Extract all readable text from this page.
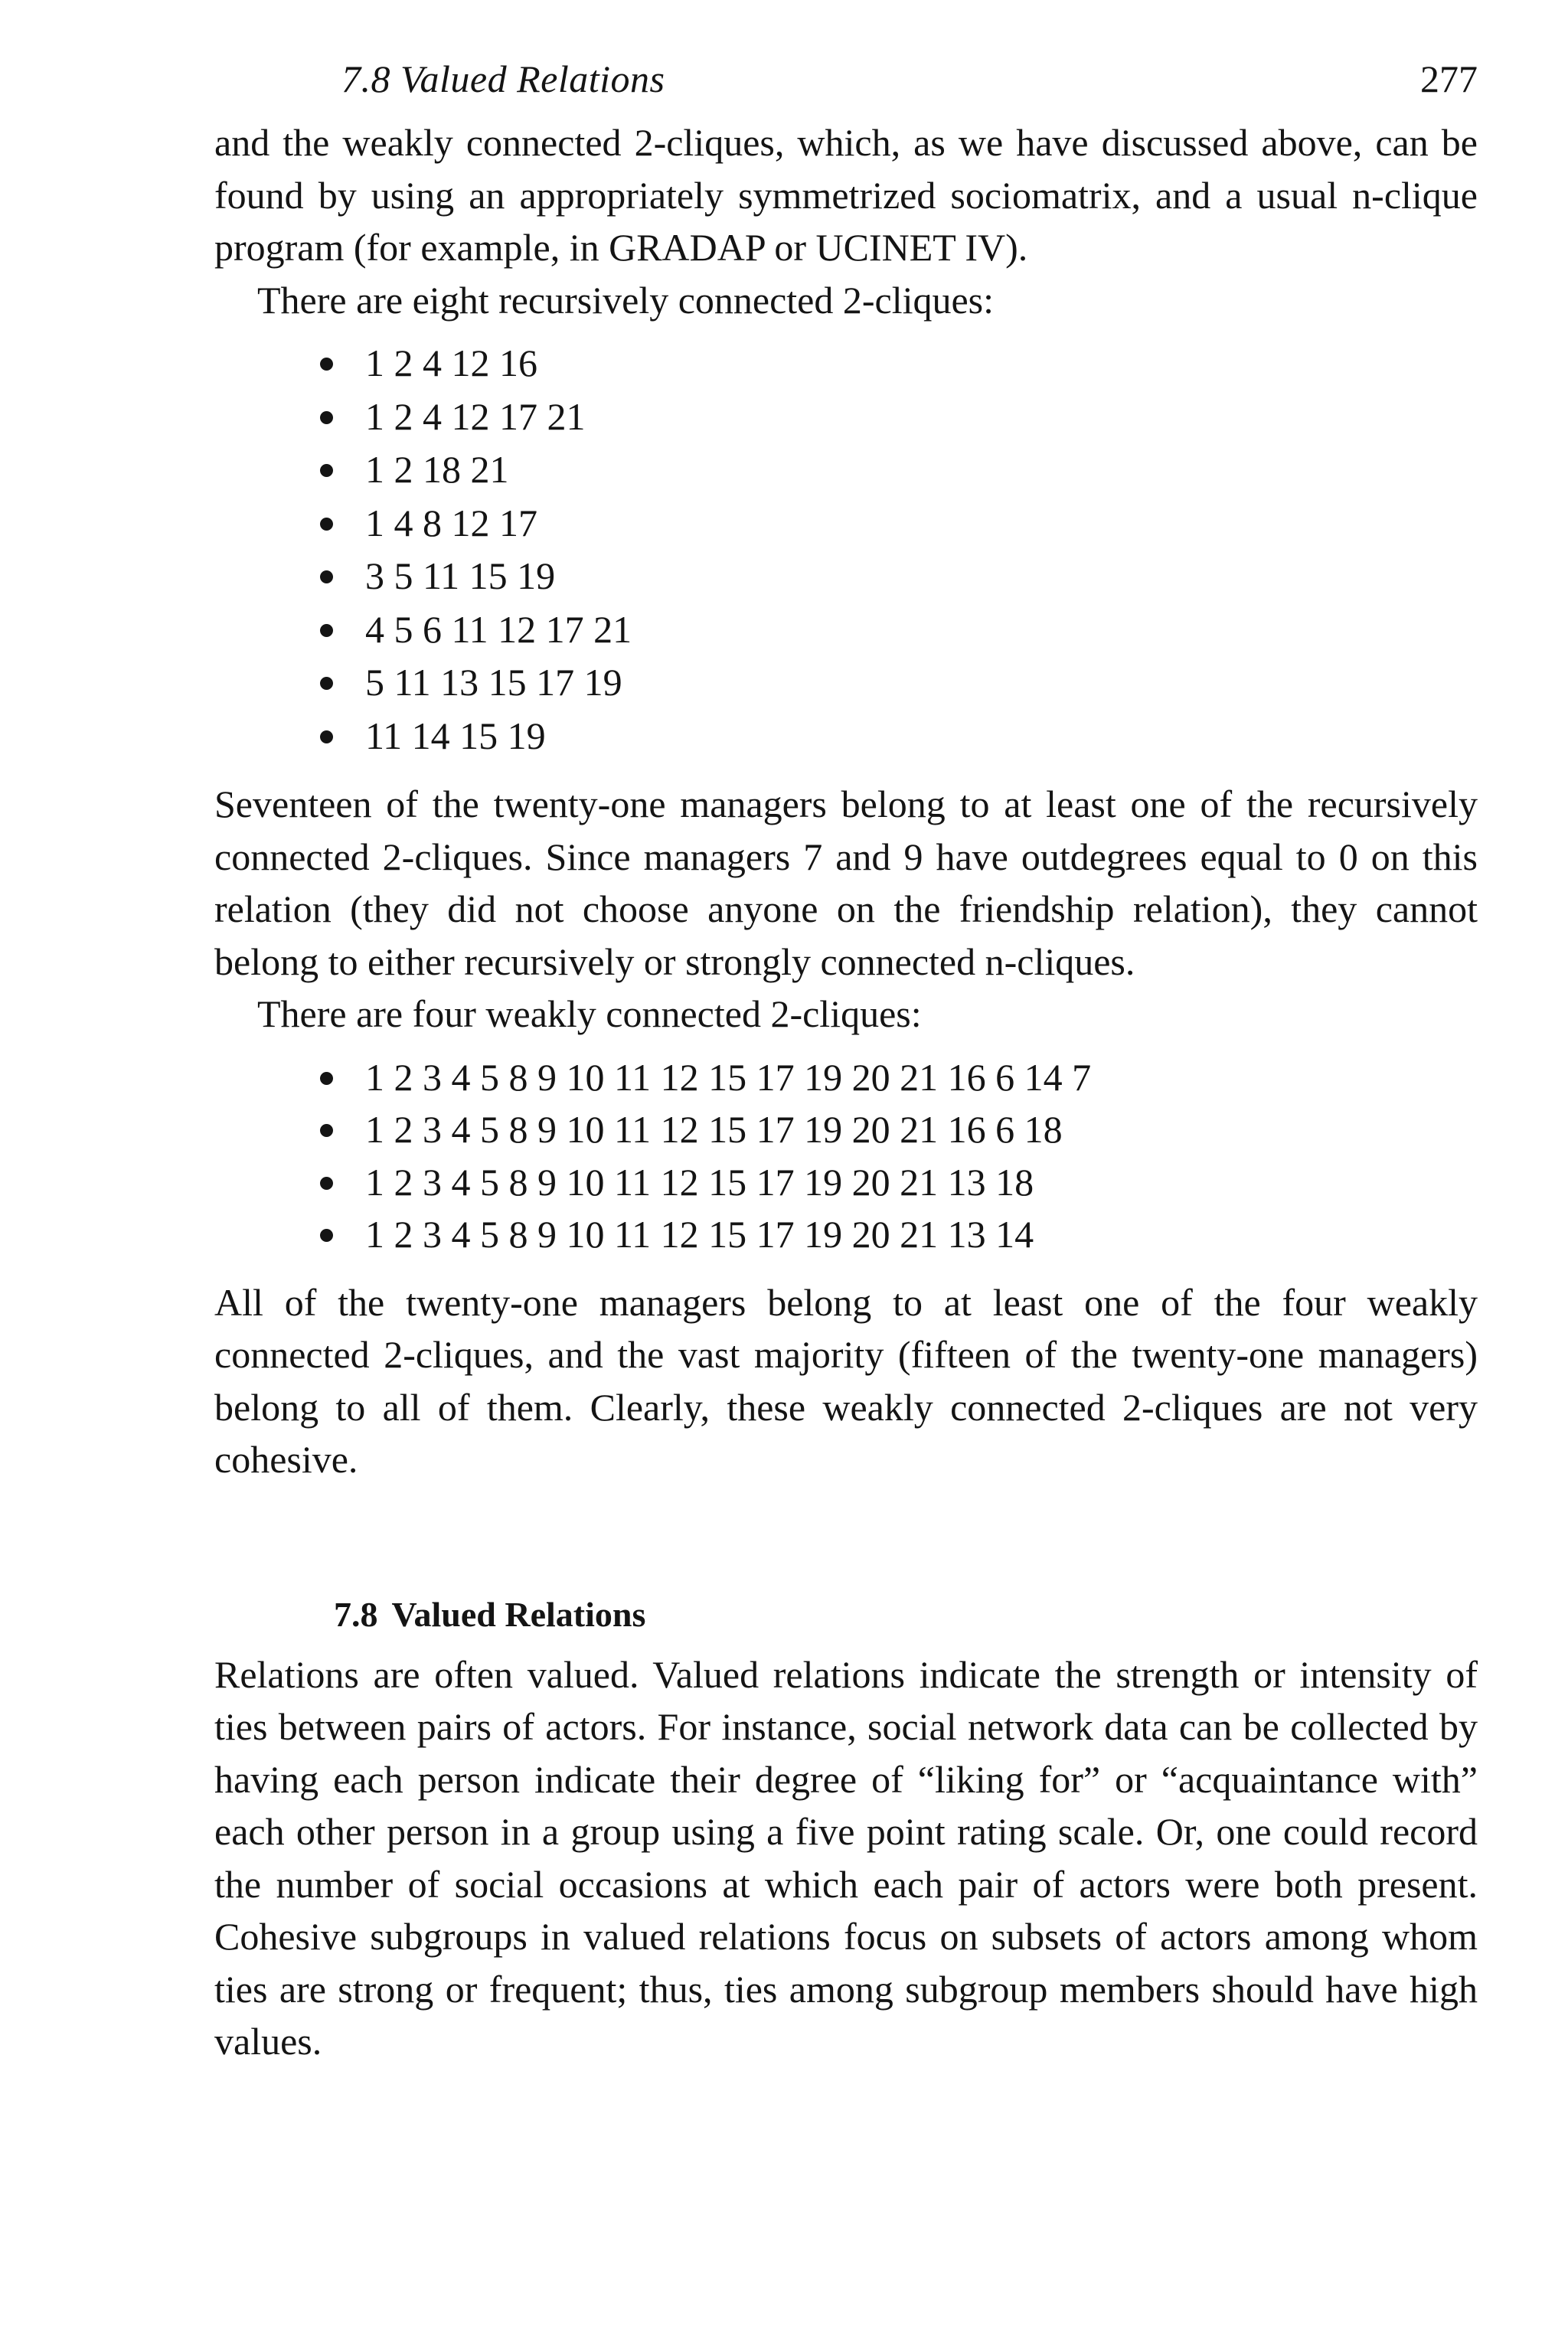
7.8 Valued Relations	277

and the weakly connected 2-cliques, which, as we have discussed above, can be found by using an appropriately symmetrized sociomatrix, and a usual n-clique program (for example, in GRADAP or UCINET IV).

There are eight recursively connected 2-cliques:

1 2 4 12 16
1 2 4 12 17 21
1 2 18 21
1 4 8 12 17
3 5 11 15 19
4 5 6 11 12 17 21
5 11 13 15 17 19
11 14 15 19

Seventeen of the twenty-one managers belong to at least one of the recursively connected 2-cliques. Since managers 7 and 9 have outdegrees equal to 0 on this relation (they did not choose anyone on the friendship relation), they cannot belong to either recursively or strongly connected n-cliques.

There are four weakly connected 2-cliques:

1 2 3 4 5 8 9 10 11 12 15 17 19 20 21 16 6 14 7
1 2 3 4 5 8 9 10 11 12 15 17 19 20 21 16 6 18
1 2 3 4 5 8 9 10 11 12 15 17 19 20 21 13 18
1 2 3 4 5 8 9 10 11 12 15 17 19 20 21 13 14

All of the twenty-one managers belong to at least one of the four weakly connected 2-cliques, and the vast majority (fifteen of the twenty-one managers) belong to all of them. Clearly, these weakly connected 2-cliques are not very cohesive.

7.8 Valued Relations

Relations are often valued. Valued relations indicate the strength or intensity of ties between pairs of actors. For instance, social network data can be collected by having each person indicate their degree of “liking for” or “acquaintance with” each other person in a group using a five point rating scale. Or, one could record the number of social occasions at which each pair of actors were both present. Cohesive subgroups in valued relations focus on subsets of actors among whom ties are strong or frequent; thus, ties among subgroup members should have high values.
